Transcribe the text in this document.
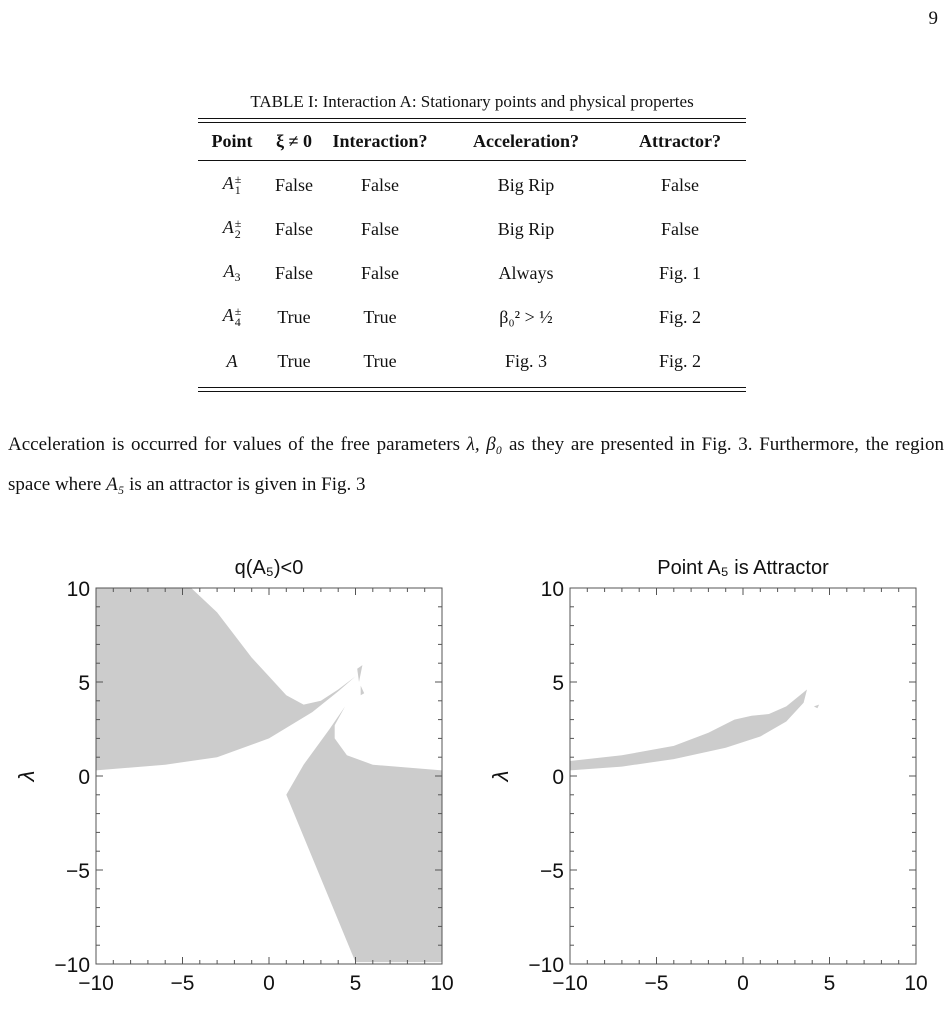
9
TABLE I: Interaction A: Stationary points and physical propertes
Point	ξ ≠ 0	Interaction?	Acceleration?	Attractor?
A ±
1	False	False	Big Rip	False
A ±
2	False	False	Big Rip	False
$A_3$	False	False	Always	Fig. 1
A ±
4	True	True	β₀² > ½	Fig. 2
A	True	True	Fig. 3	Fig. 2
Acceleration is occurred for values of the free parameters λ, β₀ as they are presented in Fig. 3. Furthermore, the region space where A₅ is an attractor is given in Fig. 3
q(A₅)<0
−10	−5	0	5	10
10
5
0
−5
−10
λ
Point A₅ is Attractor
−10	−5	0	5	10
10
5
0
−5
−10
λ
